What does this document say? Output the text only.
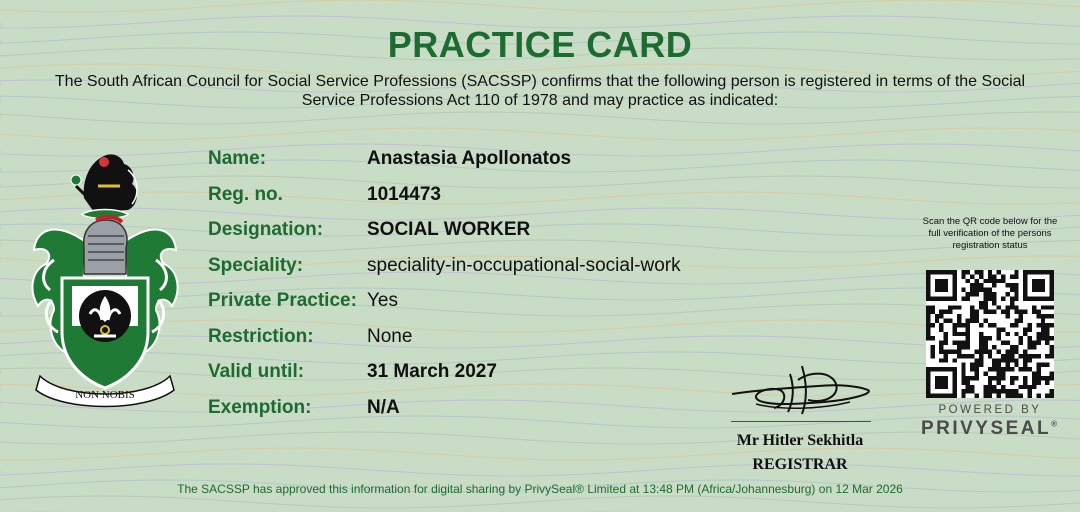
PRACTICE CARD
The South African Council for Social Service Professions (SACSSP) confirms that the following person is registered in terms of the Social Service Professions Act 110 of 1978 and may practice as indicated:
NON NOBIS
Name:	Anastasia Apollonatos
Reg. no.	1014473
Designation: SOCIAL WORKER
Speciality:	speciality-in-occupational-social-work
Private Practice: Yes
Restriction:	None
Valid until:	31 March 2027
Exemption:	N/A
Mr Hitler Sekhitla
REGISTRAR
Scan the QR code below for the full verification of the persons registration status
POWERED BY
PRIVYSEAL®
The SACSSP has approved this information for digital sharing by PrivySeal® Limited at 13:48 PM (Africa/Johannesburg) on 12 Mar 2026
